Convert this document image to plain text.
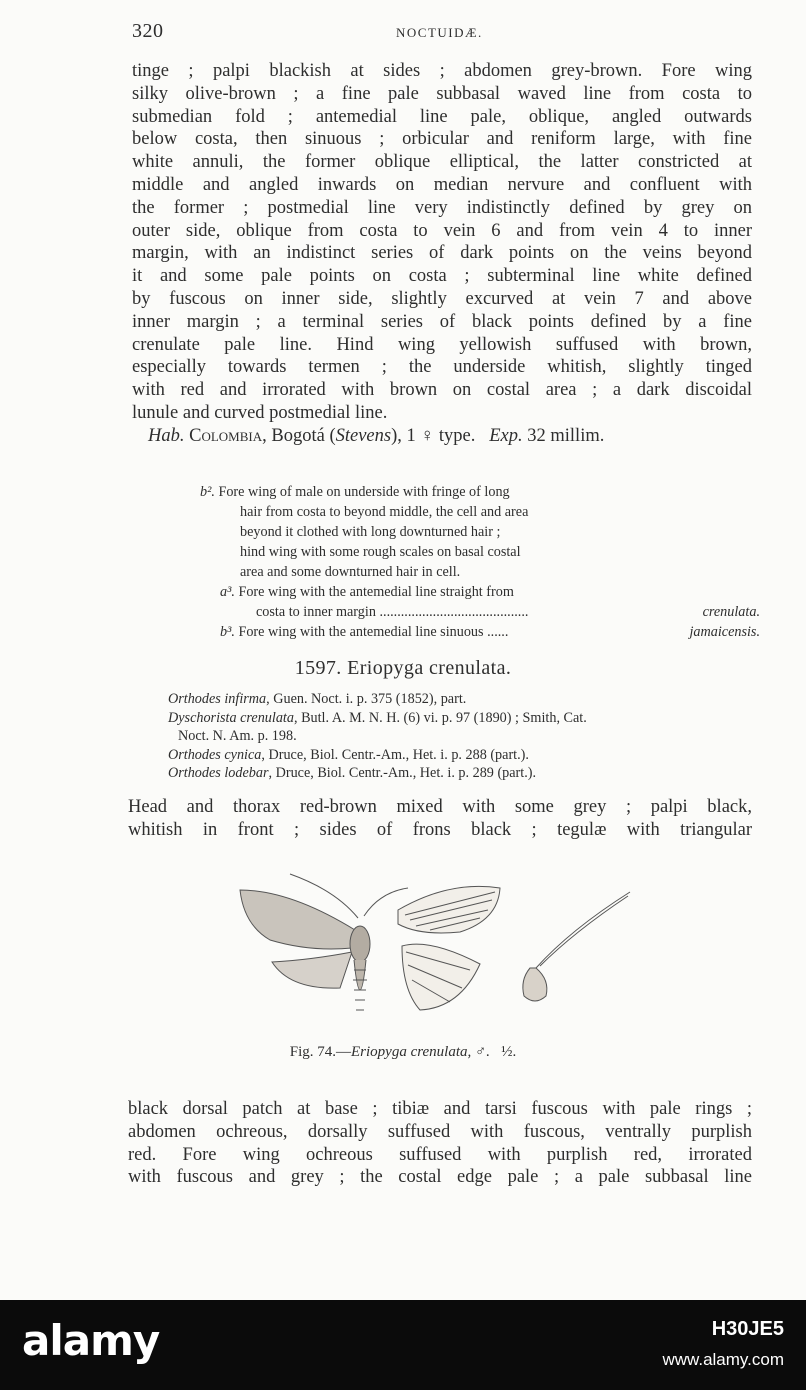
320	NOCTUIDÆ.
tinge ; palpi blackish at sides ; abdomen grey-brown. Fore wing
silky olive-brown ; a fine pale subbasal waved line from costa to
submedian fold ; antemedial line pale, oblique, angled outwards
below costa, then sinuous ; orbicular and reniform large, with fine
white annuli, the former oblique elliptical, the latter constricted at
middle and angled inwards on median nervure and confluent with
the former ; postmedial line very indistinctly defined by grey on
outer side, oblique from costa to vein 6 and from vein 4 to inner
margin, with an indistinct series of dark points on the veins beyond
it and some pale points on costa ; subterminal line white defined
by fuscous on inner side, slightly excurved at vein 7 and above
inner margin ; a terminal series of black points defined by a fine
crenulate pale line. Hind wing yellowish suffused with brown,
especially towards termen ; the underside whitish, slightly tinged
with red and irrorated with brown on costal area ; a dark discoidal
lunule and curved postmedial line.
Hab. Colombia, Bogotá (Stevens), 1 ♀ type. Exp. 32 millim.
b². Fore wing of male on underside with fringe of long
hair from costa to beyond middle, the cell and area
beyond it clothed with long downturned hair ;
hind wing with some rough scales on basal costal
area and some downturned hair in cell.
a³. Fore wing with the antemedial line straight from
costa to inner margin ..........................................	crenulata.
b³. Fore wing with the antemedial line sinuous ......	jamaicensis.
1597. Eriopyga crenulata.
Orthodes infirma, Guen. Noct. i. p. 375 (1852), part.
Dyschorista crenulata, Butl. A. M. N. H. (6) vi. p. 97 (1890) ; Smith, Cat.
Noct. N. Am. p. 198.
Orthodes cynica, Druce, Biol. Centr.-Am., Het. i. p. 288 (part.).
Orthodes lodebar, Druce, Biol. Centr.-Am., Het. i. p. 289 (part.).
Head and thorax red-brown mixed with some grey ; palpi black,
whitish in front ; sides of frons black ; tegulæ with triangular
Fig. 74.—Eriopyga crenulata, ♂. ½.
black dorsal patch at base ; tibiæ and tarsi fuscous with pale rings ;
abdomen ochreous, dorsally suffused with fuscous, ventrally purplish
red. Fore wing ochreous suffused with purplish red, irrorated
with fuscous and grey ; the costal edge pale ; a pale subbasal line
alamy	H30JE5
www.alamy.com
